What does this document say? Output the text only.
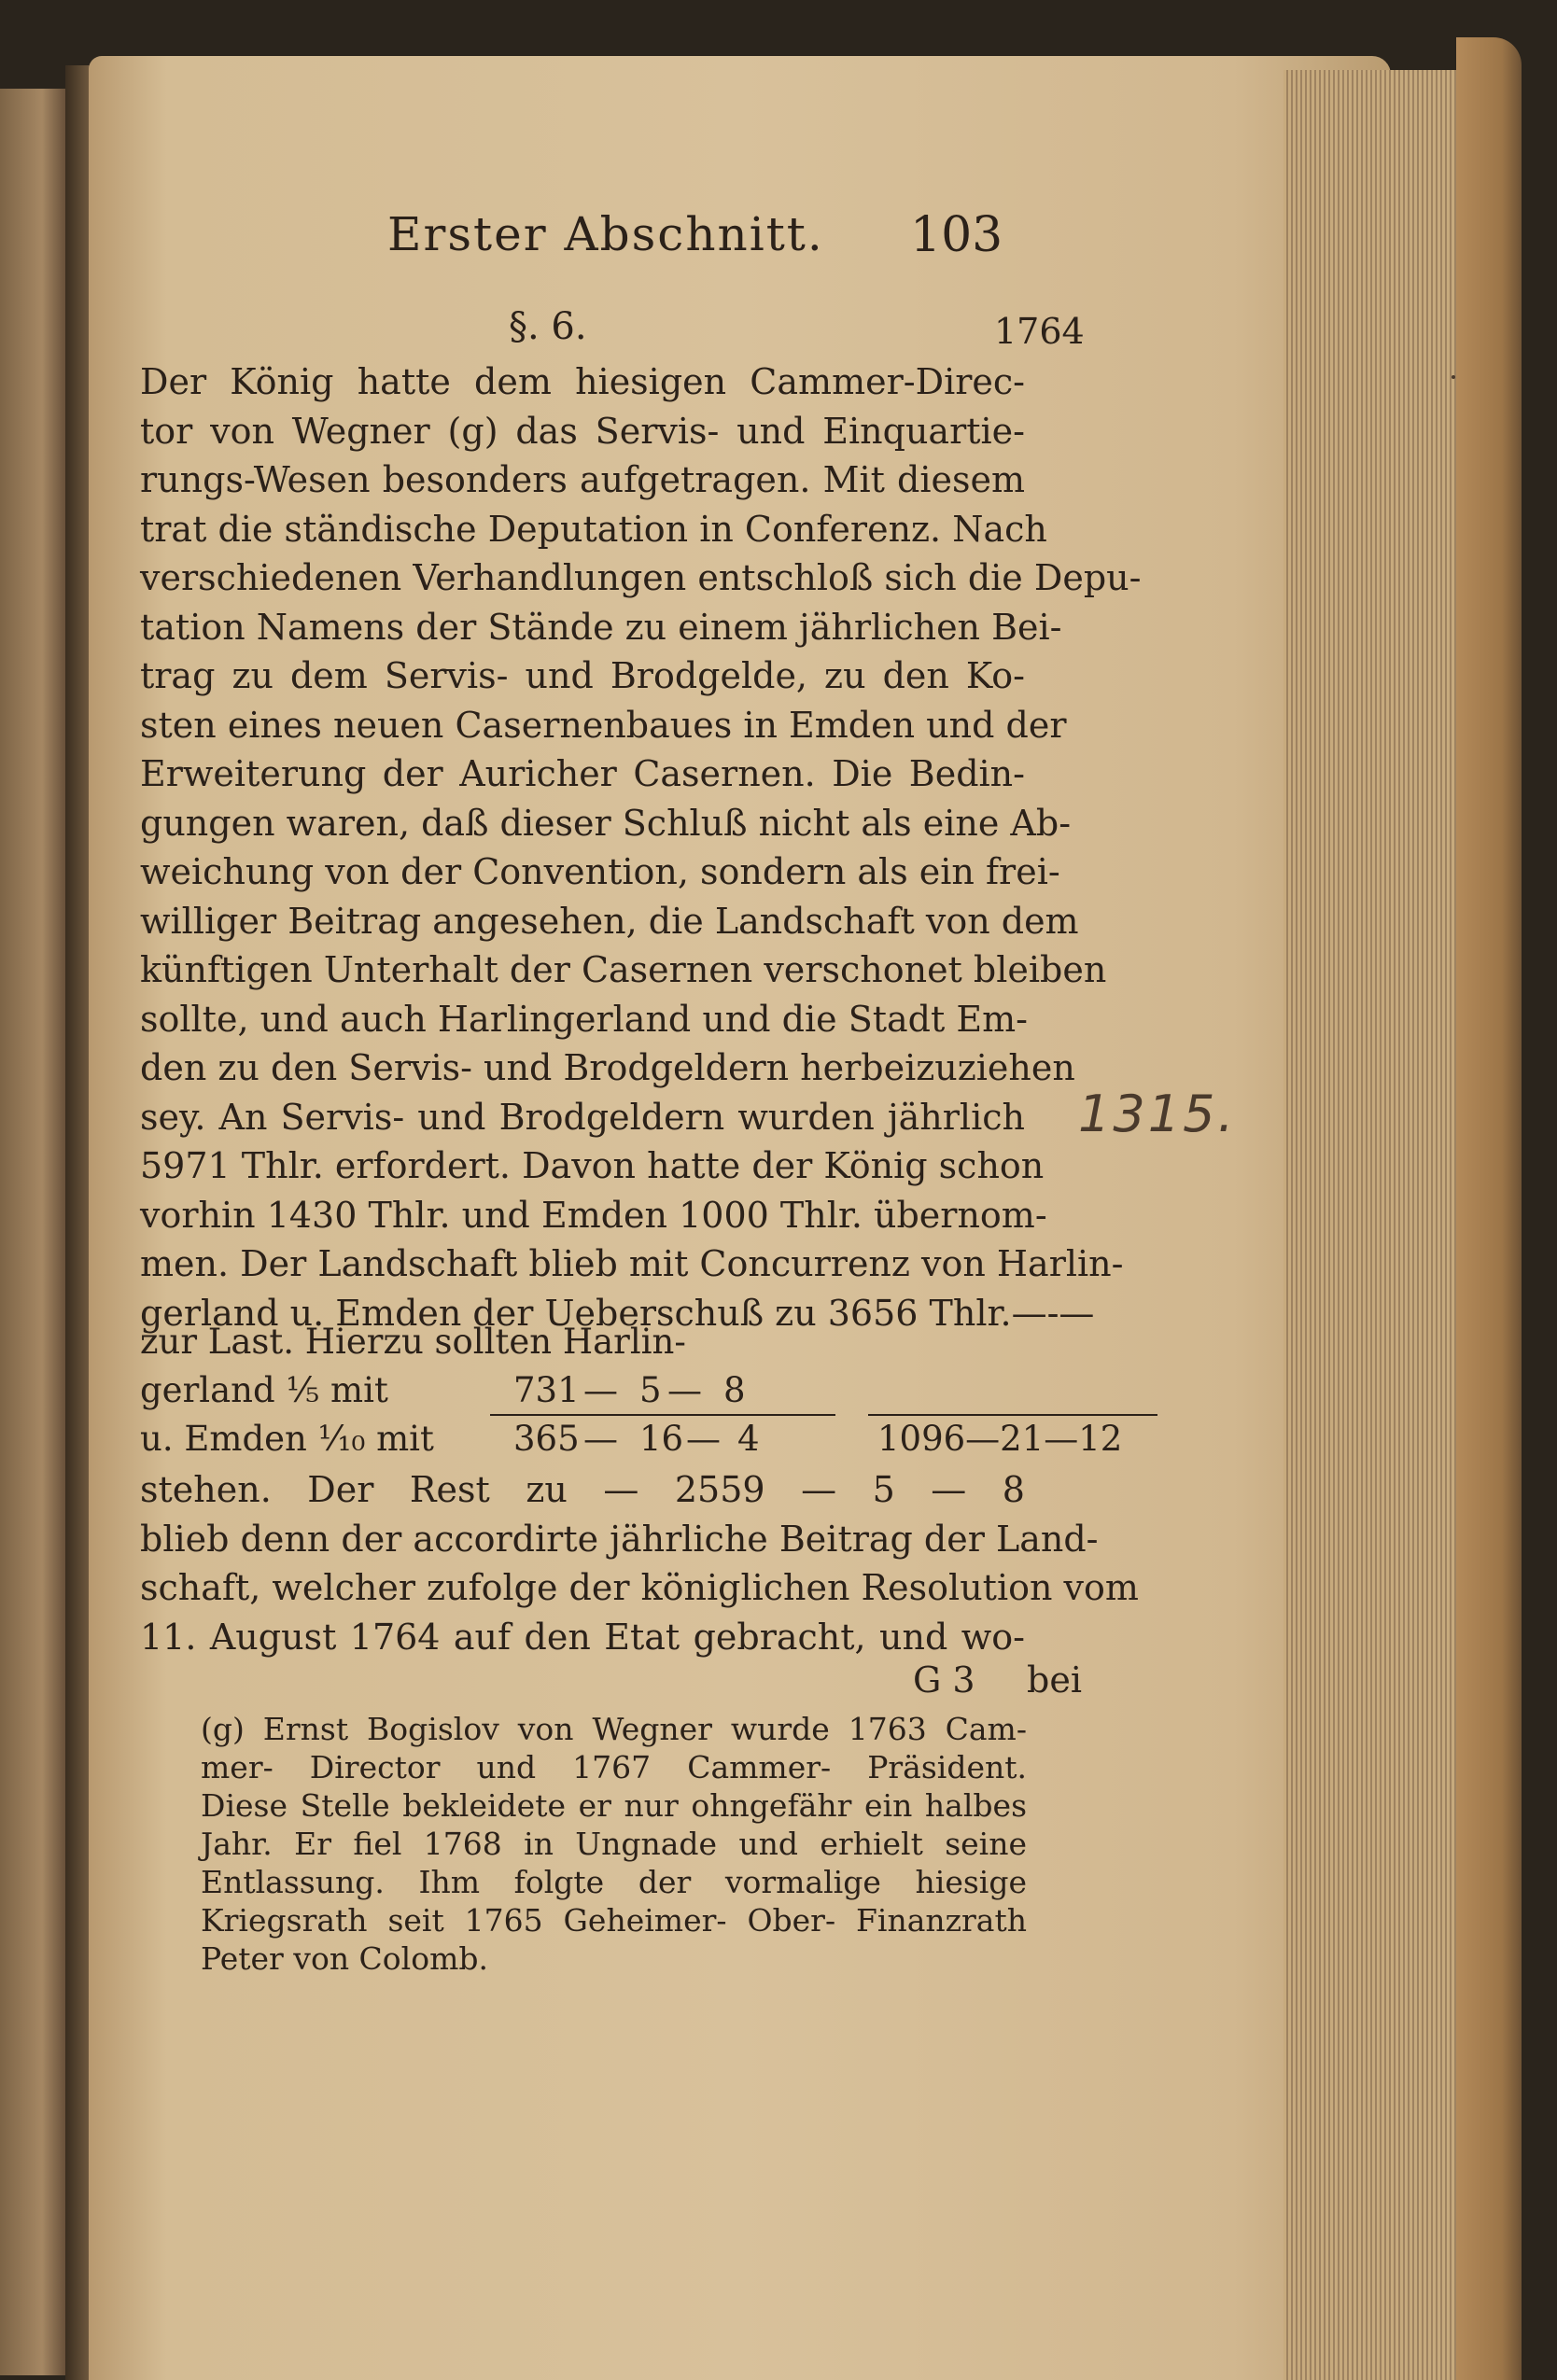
Erster Abschnitt. 103
§. 6.	1764
Der König hatte dem hiesigen Cammer-Direc-
tor von Wegner (g) das Servis- und Einquartie-
rungs-Wesen besonders aufgetragen. Mit diesem
trat die ständische Deputation in Conferenz. Nach
verschiedenen Verhandlungen entschloß sich die Depu-
tation Namens der Stände zu einem jährlichen Bei-
trag zu dem Servis- und Brodgelde, zu den Ko-
sten eines neuen Casernenbaues in Emden und der
Erweiterung der Auricher Casernen. Die Bedin-
gungen waren, daß dieser Schluß nicht als eine Ab-
weichung von der Convention, sondern als ein frei-
williger Beitrag angesehen, die Landschaft von dem
künftigen Unterhalt der Casernen verschonet bleiben
sollte, und auch Harlingerland und die Stadt Em-
den zu den Servis- und Brodgeldern herbeizuziehen
sey. An Servis- und Brodgeldern wurden jährlich
5971 Thlr. erfordert. Davon hatte der König schon
vorhin 1430 Thlr. und Emden 1000 Thlr. übernom-
men. Der Landschaft blieb mit Concurrenz von Harlin-
gerland u. Emden der Ueberschuß zu 3656 Thlr.—-—
zur Last. Hierzu sollten Harlin-
gerland ⅕ mit	731 — 5 — 8
u. Emden ⅒ mit 365 — 16 — 4	1096—21—12
stehen. Der Rest zu — 2559 — 5 — 8
blieb denn der accordirte jährliche Beitrag der Land-
schaft, welcher zufolge der königlichen Resolution vom
11. August 1764 auf den Etat gebracht, und wo-
G 3 bei
(g) Ernst Bogislov von Wegner wurde 1763 Cam-
mer- Director und 1767 Cammer- Präsident.
Diese Stelle bekleidete er nur ohngefähr ein halbes
Jahr. Er fiel 1768 in Ungnade und erhielt seine
Entlassung. Ihm folgte der vormalige hiesige
Kriegsrath seit 1765 Geheimer- Ober- Finanzrath
Peter von Colomb.
1315.
